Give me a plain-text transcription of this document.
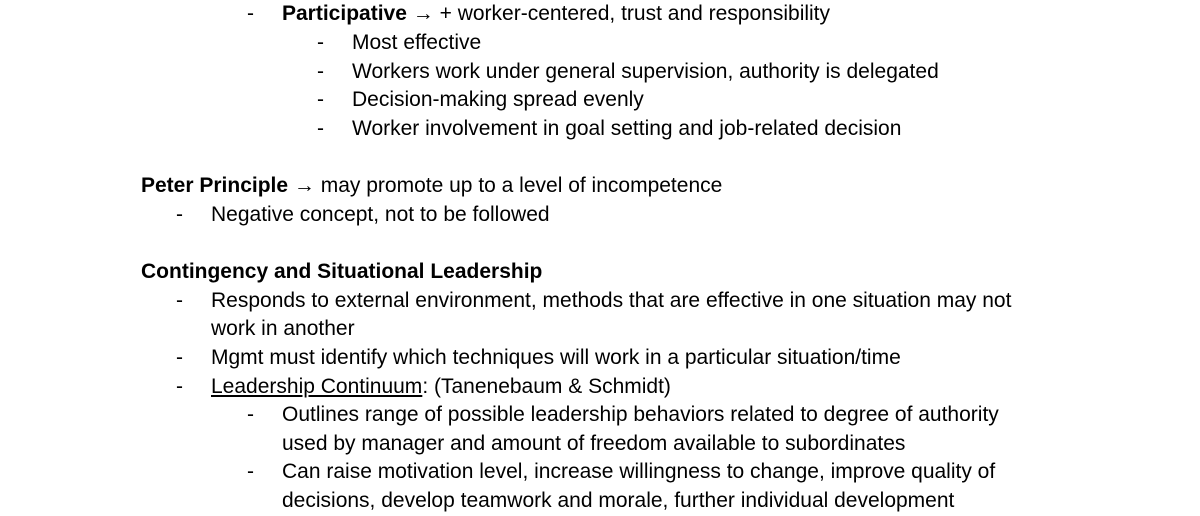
- Participative → + worker-centered, trust and responsibility
- Most effective
- Workers work under general supervision, authority is delegated
- Decision-making spread evenly
- Worker involvement in goal setting and job-related decision
Peter Principle → may promote up to a level of incompetence
- Negative concept, not to be followed
Contingency and Situational Leadership
- Responds to external environment, methods that are effective in one situation may not
work in another
- Mgmt must identify which techniques will work in a particular situation/time
- Leadership Continuum: (Tanenebaum & Schmidt)
- Outlines range of possible leadership behaviors related to degree of authority
used by manager and amount of freedom available to subordinates
- Can raise motivation level, increase willingness to change, improve quality of
decisions, develop teamwork and morale, further individual development
